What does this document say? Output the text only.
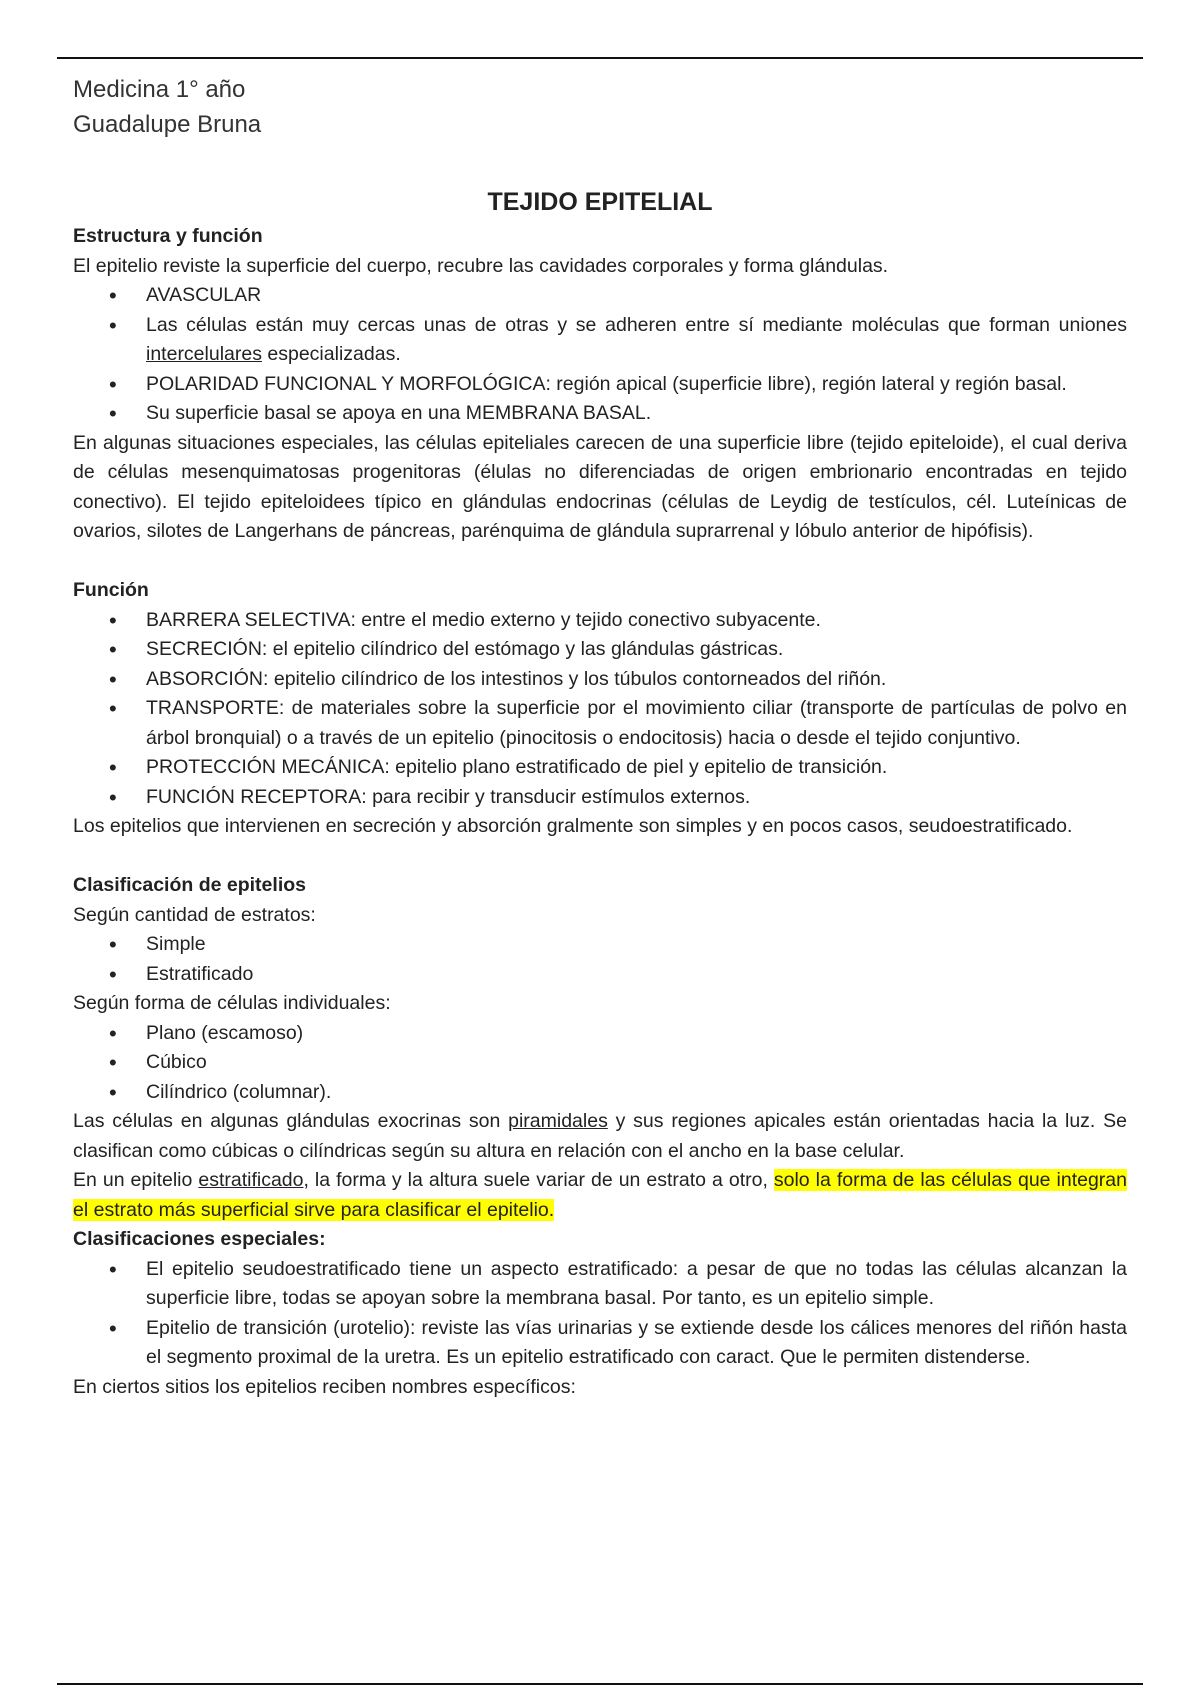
Medicina 1° año
Guadalupe Bruna
TEJIDO EPITELIAL

Estructura y función

El epitelio reviste la superficie del cuerpo, recubre las cavidades corporales y forma glándulas.

• AVASCULAR
• Las células están muy cercas unas de otras y se adheren entre sí mediante moléculas que forman uniones intercelulares especializadas.
• POLARIDAD FUNCIONAL Y MORFOLÓGICA: región apical (superficie libre), región lateral y región basal.
• Su superficie basal se apoya en una MEMBRANA BASAL.

En algunas situaciones especiales, las células epiteliales carecen de una superficie libre (tejido epiteloide), el cual deriva de células mesenquimatosas progenitoras (élulas no diferenciadas de origen embrionario encontradas en tejido conectivo). El tejido epiteloidees típico en glándulas endocrinas (células de Leydig de testículos, cél. Luteínicas de ovarios, silotes de Langerhans de páncreas, parénquima de glándula suprarrenal y lóbulo anterior de hipófisis).

Función

• BARRERA SELECTIVA: entre el medio externo y tejido conectivo subyacente.
• SECRECIÓN: el epitelio cilíndrico del estómago y las glándulas gástricas.
• ABSORCIÓN: epitelio cilíndrico de los intestinos y los túbulos contorneados del riñón.
• TRANSPORTE: de materiales sobre la superficie por el movimiento ciliar (transporte de partículas de polvo en árbol bronquial) o a través de un epitelio (pinocitosis o endocitosis) hacia o desde el tejido conjuntivo.
• PROTECCIÓN MECÁNICA: epitelio plano estratificado de piel y epitelio de transición.
• FUNCIÓN RECEPTORA: para recibir y transducir estímulos externos.

Los epitelios que intervienen en secreción y absorción gralmente son simples y en pocos casos, seudoestratificado.

Clasificación de epitelios

Según cantidad de estratos:

• Simple
• Estratificado

Según forma de células individuales:

• Plano (escamoso)
• Cúbico
• Cilíndrico (columnar).

Las células en algunas glándulas exocrinas son piramidales y sus regiones apicales están orientadas hacia la luz. Se clasifican como cúbicas o cilíndricas según su altura en relación con el ancho en la base celular.

En un epitelio estratificado, la forma y la altura suele variar de un estrato a otro, solo la forma de las células que integran el estrato más superficial sirve para clasificar el epitelio.

Clasificaciones especiales:

• El epitelio seudoestratificado tiene un aspecto estratificado: a pesar de que no todas las células alcanzan la superficie libre, todas se apoyan sobre la membrana basal. Por tanto, es un epitelio simple.
• Epitelio de transición (urotelio): reviste las vías urinarias y se extiende desde los cálices menores del riñón hasta el segmento proximal de la uretra. Es un epitelio estratificado con caract. Que le permiten distenderse.

En ciertos sitios los epitelios reciben nombres específicos:
